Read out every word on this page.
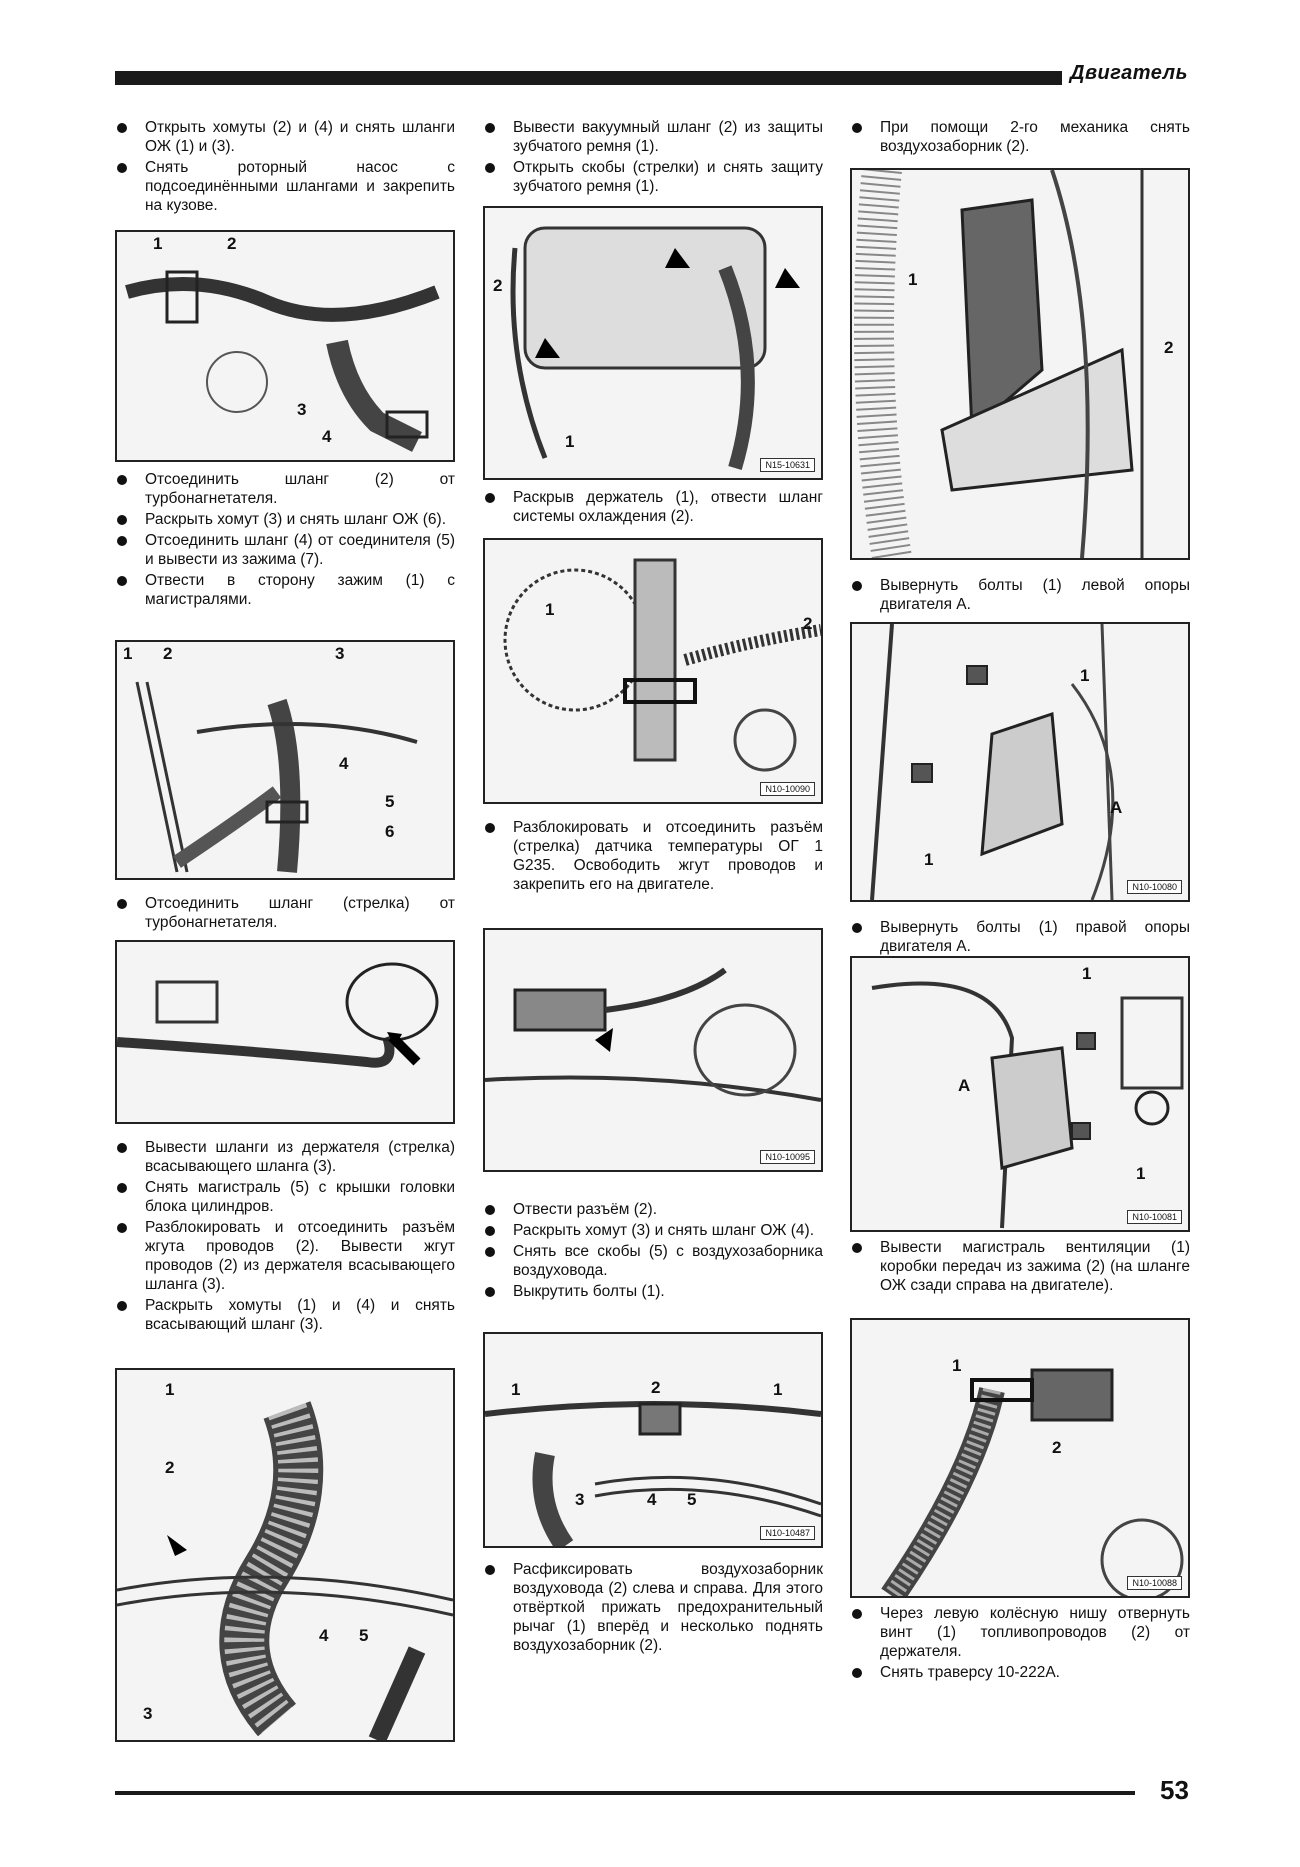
Двигатель
Открыть хомуты (2) и (4) и снять шланги ОЖ (1) и (3).
Снять роторный насос с подсоединёнными шлангами и закрепить на кузове.
1	2
3
4
Отсоединить шланг (2) от турбонагнетателя.
Раскрыть хомут (3) и снять шланг ОЖ (6).
Отсоединить шланг (4) от соединителя (5) и вывести из зажима (7).
Отвести в сторону зажим (1) с магистралями.
1 2	3
4
5
6
Отсоединить шланг (стрелка) от турбонагнетателя.
Вывести шланги из держателя (стрелка) всасывающего шланга (3).
Снять магистраль (5) с крышки головки блока цилиндров.
Разблокировать и отсоединить разъём жгута проводов (2). Вывести жгут проводов (2) из держателя всасывающего шланга (3).
Раскрыть хомуты (1) и (4) и снять всасывающий шланг (3).
1
2
3
4 5
Вывести вакуумный шланг (2) из защиты зубчатого ремня (1).
Открыть скобы (стрелки) и снять защиту зубчатого ремня (1).
2
1
N15-10631
Раскрыв держатель (1), отвести шланг системы охлаждения (2).
1
2
N10-10090
Разблокировать и отсоединить разъём (стрелка) датчика температуры ОГ 1 G235. Освободить жгут проводов и закрепить его на двигателе.
N10-10095
Отвести разъём (2).
Раскрыть хомут (3) и снять шланг ОЖ (4).
Снять все скобы (5) с воздухозаборника воздуховода.
Выкрутить болты (1).
1	2	1
3	4 5
N10-10487
Расфиксировать воздухозаборник воздуховода (2) слева и справа. Для этого отвёрткой прижать предохранительный рычаг (1) вперёд и несколько поднять воздухозаборник (2).
При помощи 2-го механика снять воздухозаборник (2).
1
2
Вывернуть болты (1) левой опоры двигателя А.
1
A
1
N10-10080
Вывернуть болты (1) правой опоры двигателя А.
1
A
1
N10-10081
Вывести магистраль вентиляции (1) коробки передач из зажима (2) (на шланге ОЖ сзади справа на двигателе).
1
2
N10-10088
Через левую колёсную нишу отвернуть винт (1) топливопроводов (2) от держателя.
Снять траверсу 10-222А.
53
